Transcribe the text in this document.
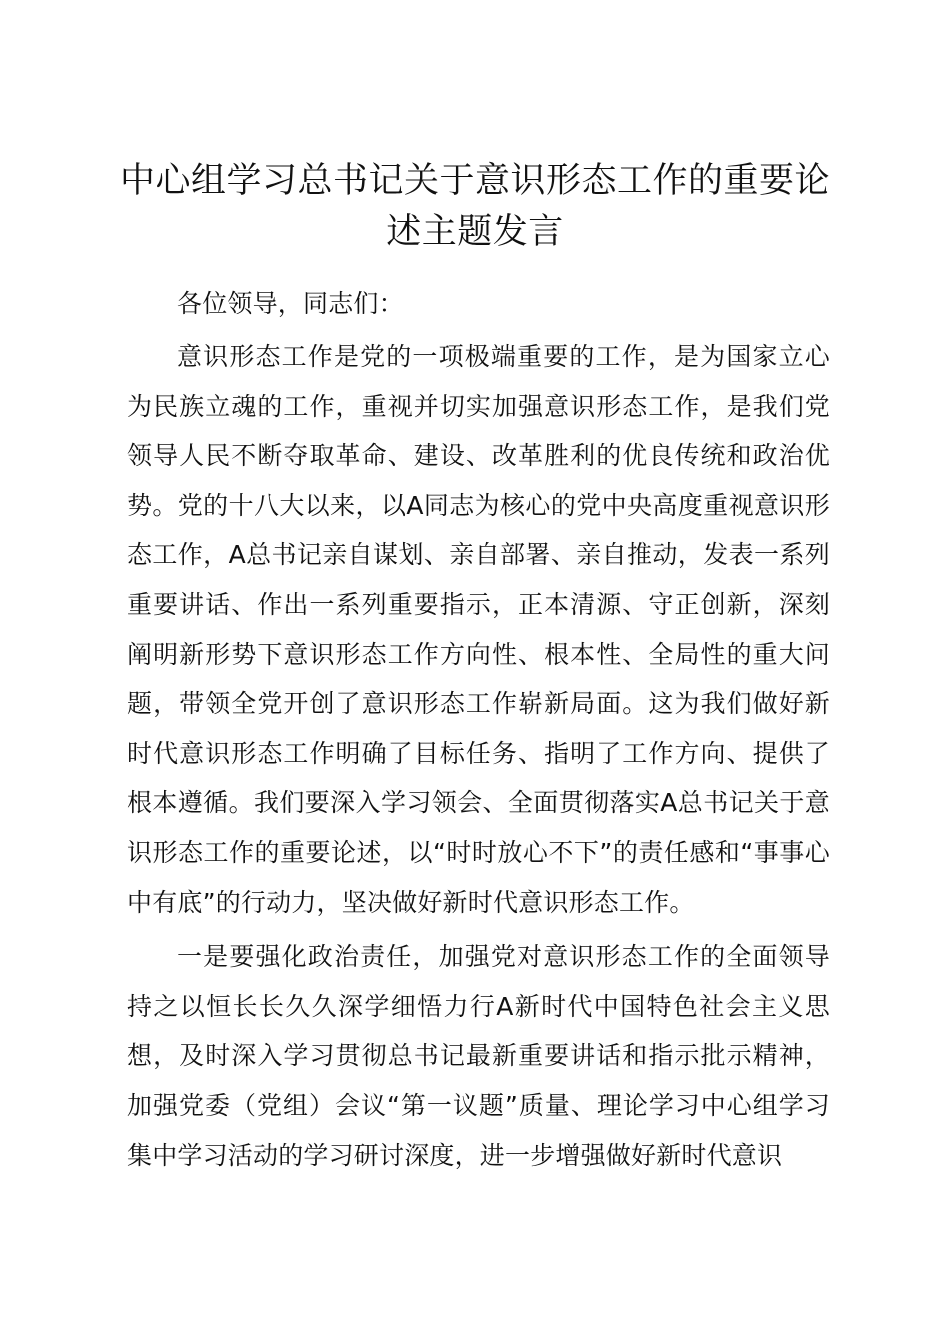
中心组学习总书记关于意识形态工作的重要论述主题发言

各位领导，同志们：

意识形态工作是党的一项极端重要的工作，是为国家立心为民族立魂的工作，重视并切实加强意识形态工作，是我们党领导人民不断夺取革命、建设、改革胜利的优良传统和政治优势。党的十八大以来，以A同志为核心的党中央高度重视意识形态工作，A总书记亲自谋划、亲自部署、亲自推动，发表一系列重要讲话、作出一系列重要指示，正本清源、守正创新，深刻阐明新形势下意识形态工作方向性、根本性、全局性的重大问题，带领全党开创了意识形态工作崭新局面。这为我们做好新时代意识形态工作明确了目标任务、指明了工作方向、提供了根本遵循。我们要深入学习领会、全面贯彻落实A总书记关于意识形态工作的重要论述，以“时时放心不下”的责任感和“事事心中有底”的行动力，坚决做好新时代意识形态工作。

一是要强化政治责任，加强党对意识形态工作的全面领导持之以恒长长久久深学细悟力行A新时代中国特色社会主义思想，及时深入学习贯彻总书记最新重要讲话和指示批示精神，加强党委（党组）会议“第一议题”质量、理论学习中心组学习集中学习活动的学习研讨深度，进一步增强做好新时代意识
